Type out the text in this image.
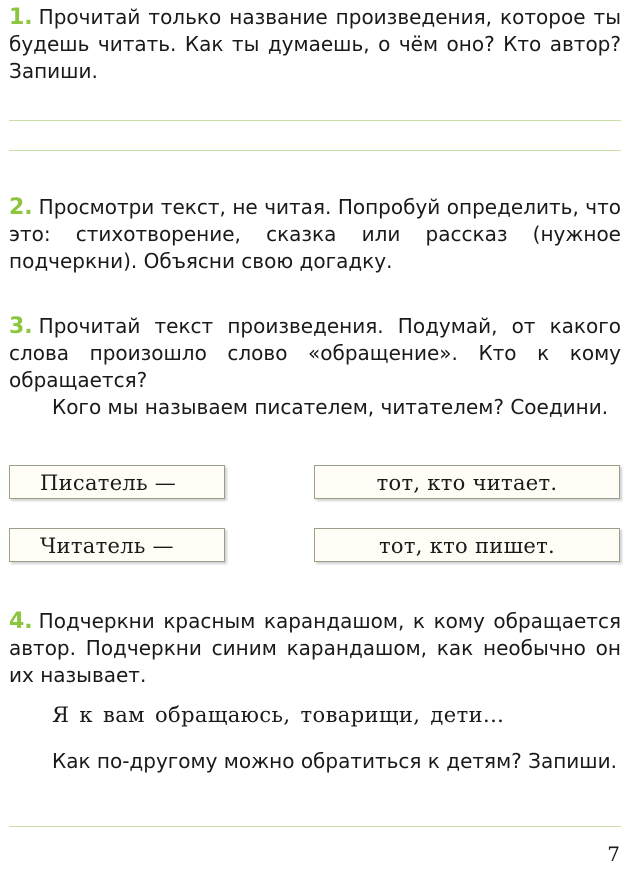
1. Прочитай только название произведения, которое ты будешь читать. Как ты думаешь, о чём оно? Кто автор? Запиши.
2. Просмотри текст, не читая. Попробуй определить, что это: стихотворение, сказка или рассказ (нужное подчеркни). Объясни свою догадку.
3. Прочитай текст произведения. Подумай, от какого слова произошло слово «обращение». Кто к кому обращается?
Кого мы называем писателем, читателем? Соедини.
Писатель —	тот, кто читает.
Читатель —	тот, кто пишет.
4. Подчеркни красным карандашом, к кому обращается автор. Подчеркни синим карандашом, как необычно он их называет.
Я к вам обращаюсь, товарищи, дети...
Как по-другому можно обратиться к детям? Запиши.
7
